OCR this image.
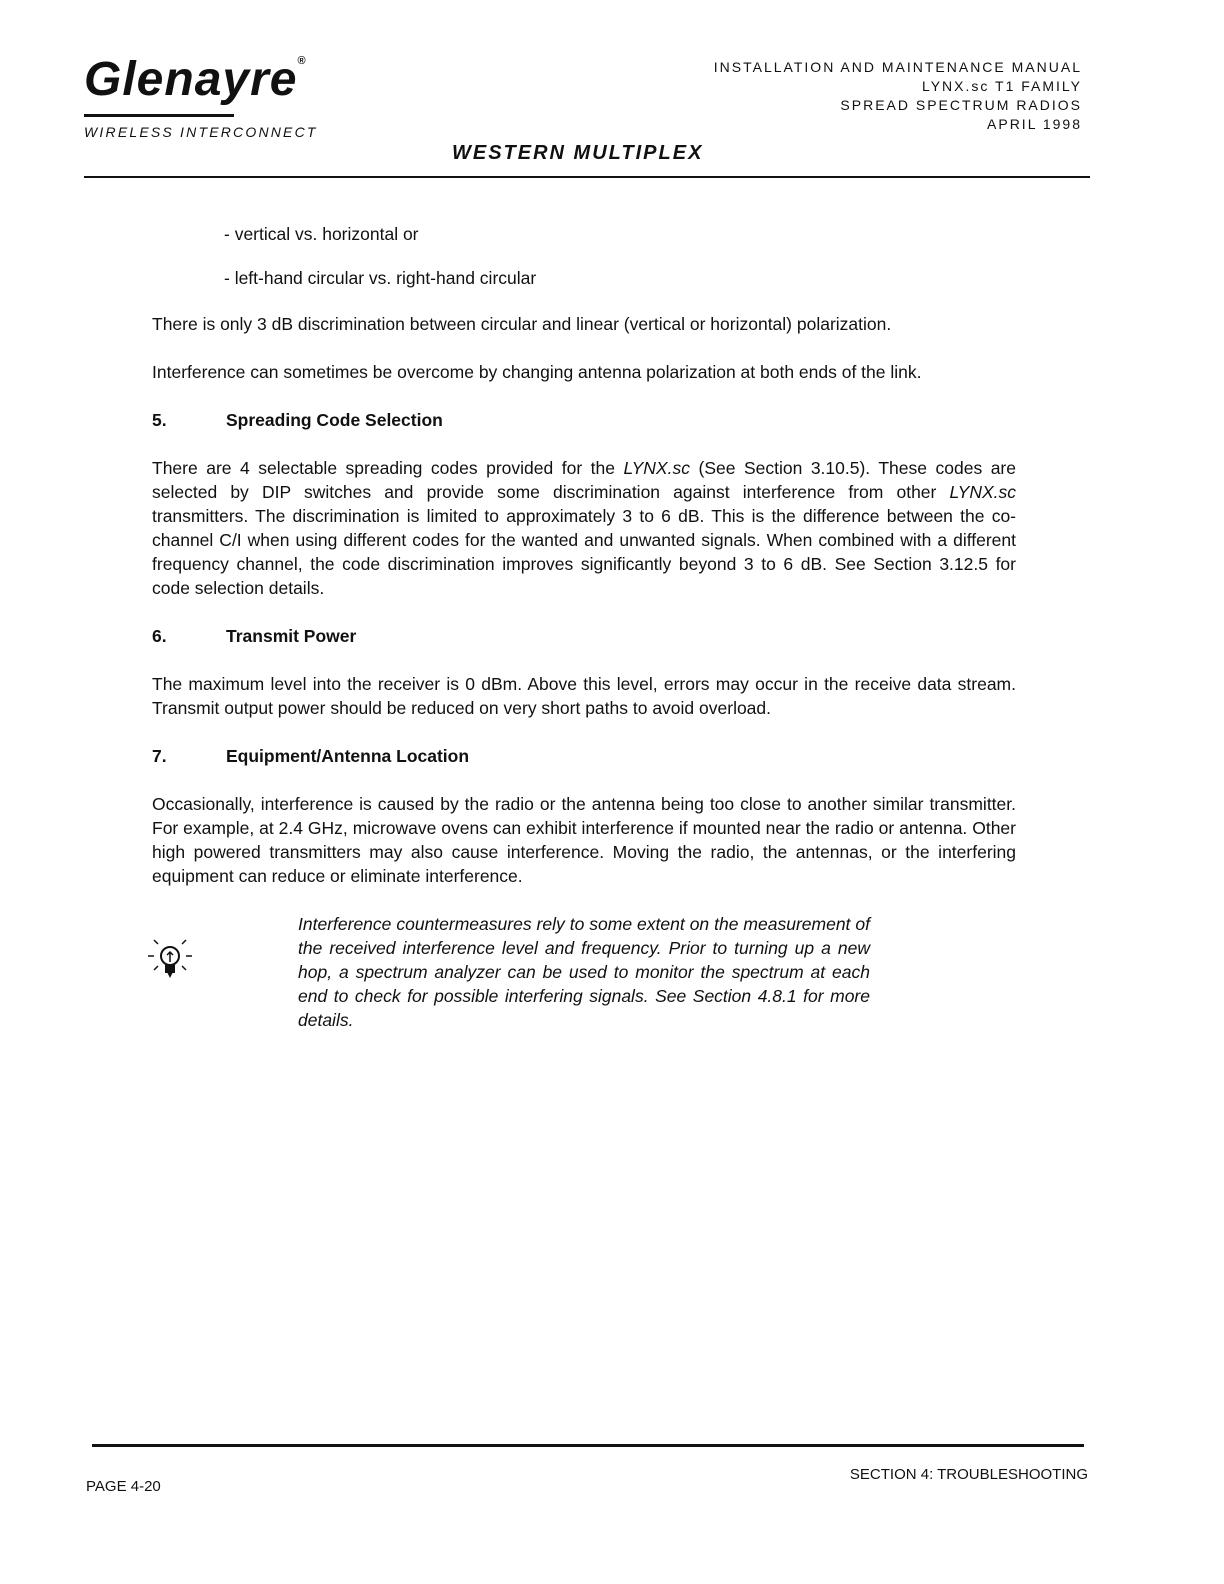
Glenayre®
WIRELESS INTERCONNECT
INSTALLATION AND MAINTENANCE MANUAL
LYNX.sc T1 FAMILY
SPREAD SPECTRUM RADIOS
APRIL 1998
WESTERN MULTIPLEX
- vertical vs. horizontal or
- left-hand circular vs. right-hand circular

There is only 3 dB discrimination between circular and linear (vertical or horizontal) polarization.

Interference can sometimes be overcome by changing antenna polarization at both ends of the link.

5.	Spreading Code Selection

There are 4 selectable spreading codes provided for the LYNX.sc (See Section 3.10.5). These codes are selected by DIP switches and provide some discrimination against interference from other LYNX.sc transmitters. The discrimination is limited to approximately 3 to 6 dB. This is the difference between the co-channel C/I when using different codes for the wanted and unwanted signals. When combined with a different frequency channel, the code discrimination improves significantly beyond 3 to 6 dB. See Section 3.12.5 for code selection details.

6.	Transmit Power

The maximum level into the receiver is 0 dBm. Above this level, errors may occur in the receive data stream. Transmit output power should be reduced on very short paths to avoid overload.

7.	Equipment/Antenna Location

Occasionally, interference is caused by the radio or the antenna being too close to another similar transmitter. For example, at 2.4 GHz, microwave ovens can exhibit interference if mounted near the radio or antenna. Other high powered transmitters may also cause interference. Moving the radio, the antennas, or the interfering equipment can reduce or eliminate interference.

Interference countermeasures rely to some extent on the measurement of the received interference level and frequency. Prior to turning up a new hop, a spectrum analyzer can be used to monitor the spectrum at each end to check for possible interfering signals. See Section 4.8.1 for more details.
PAGE 4-20
SECTION 4: TROUBLESHOOTING
